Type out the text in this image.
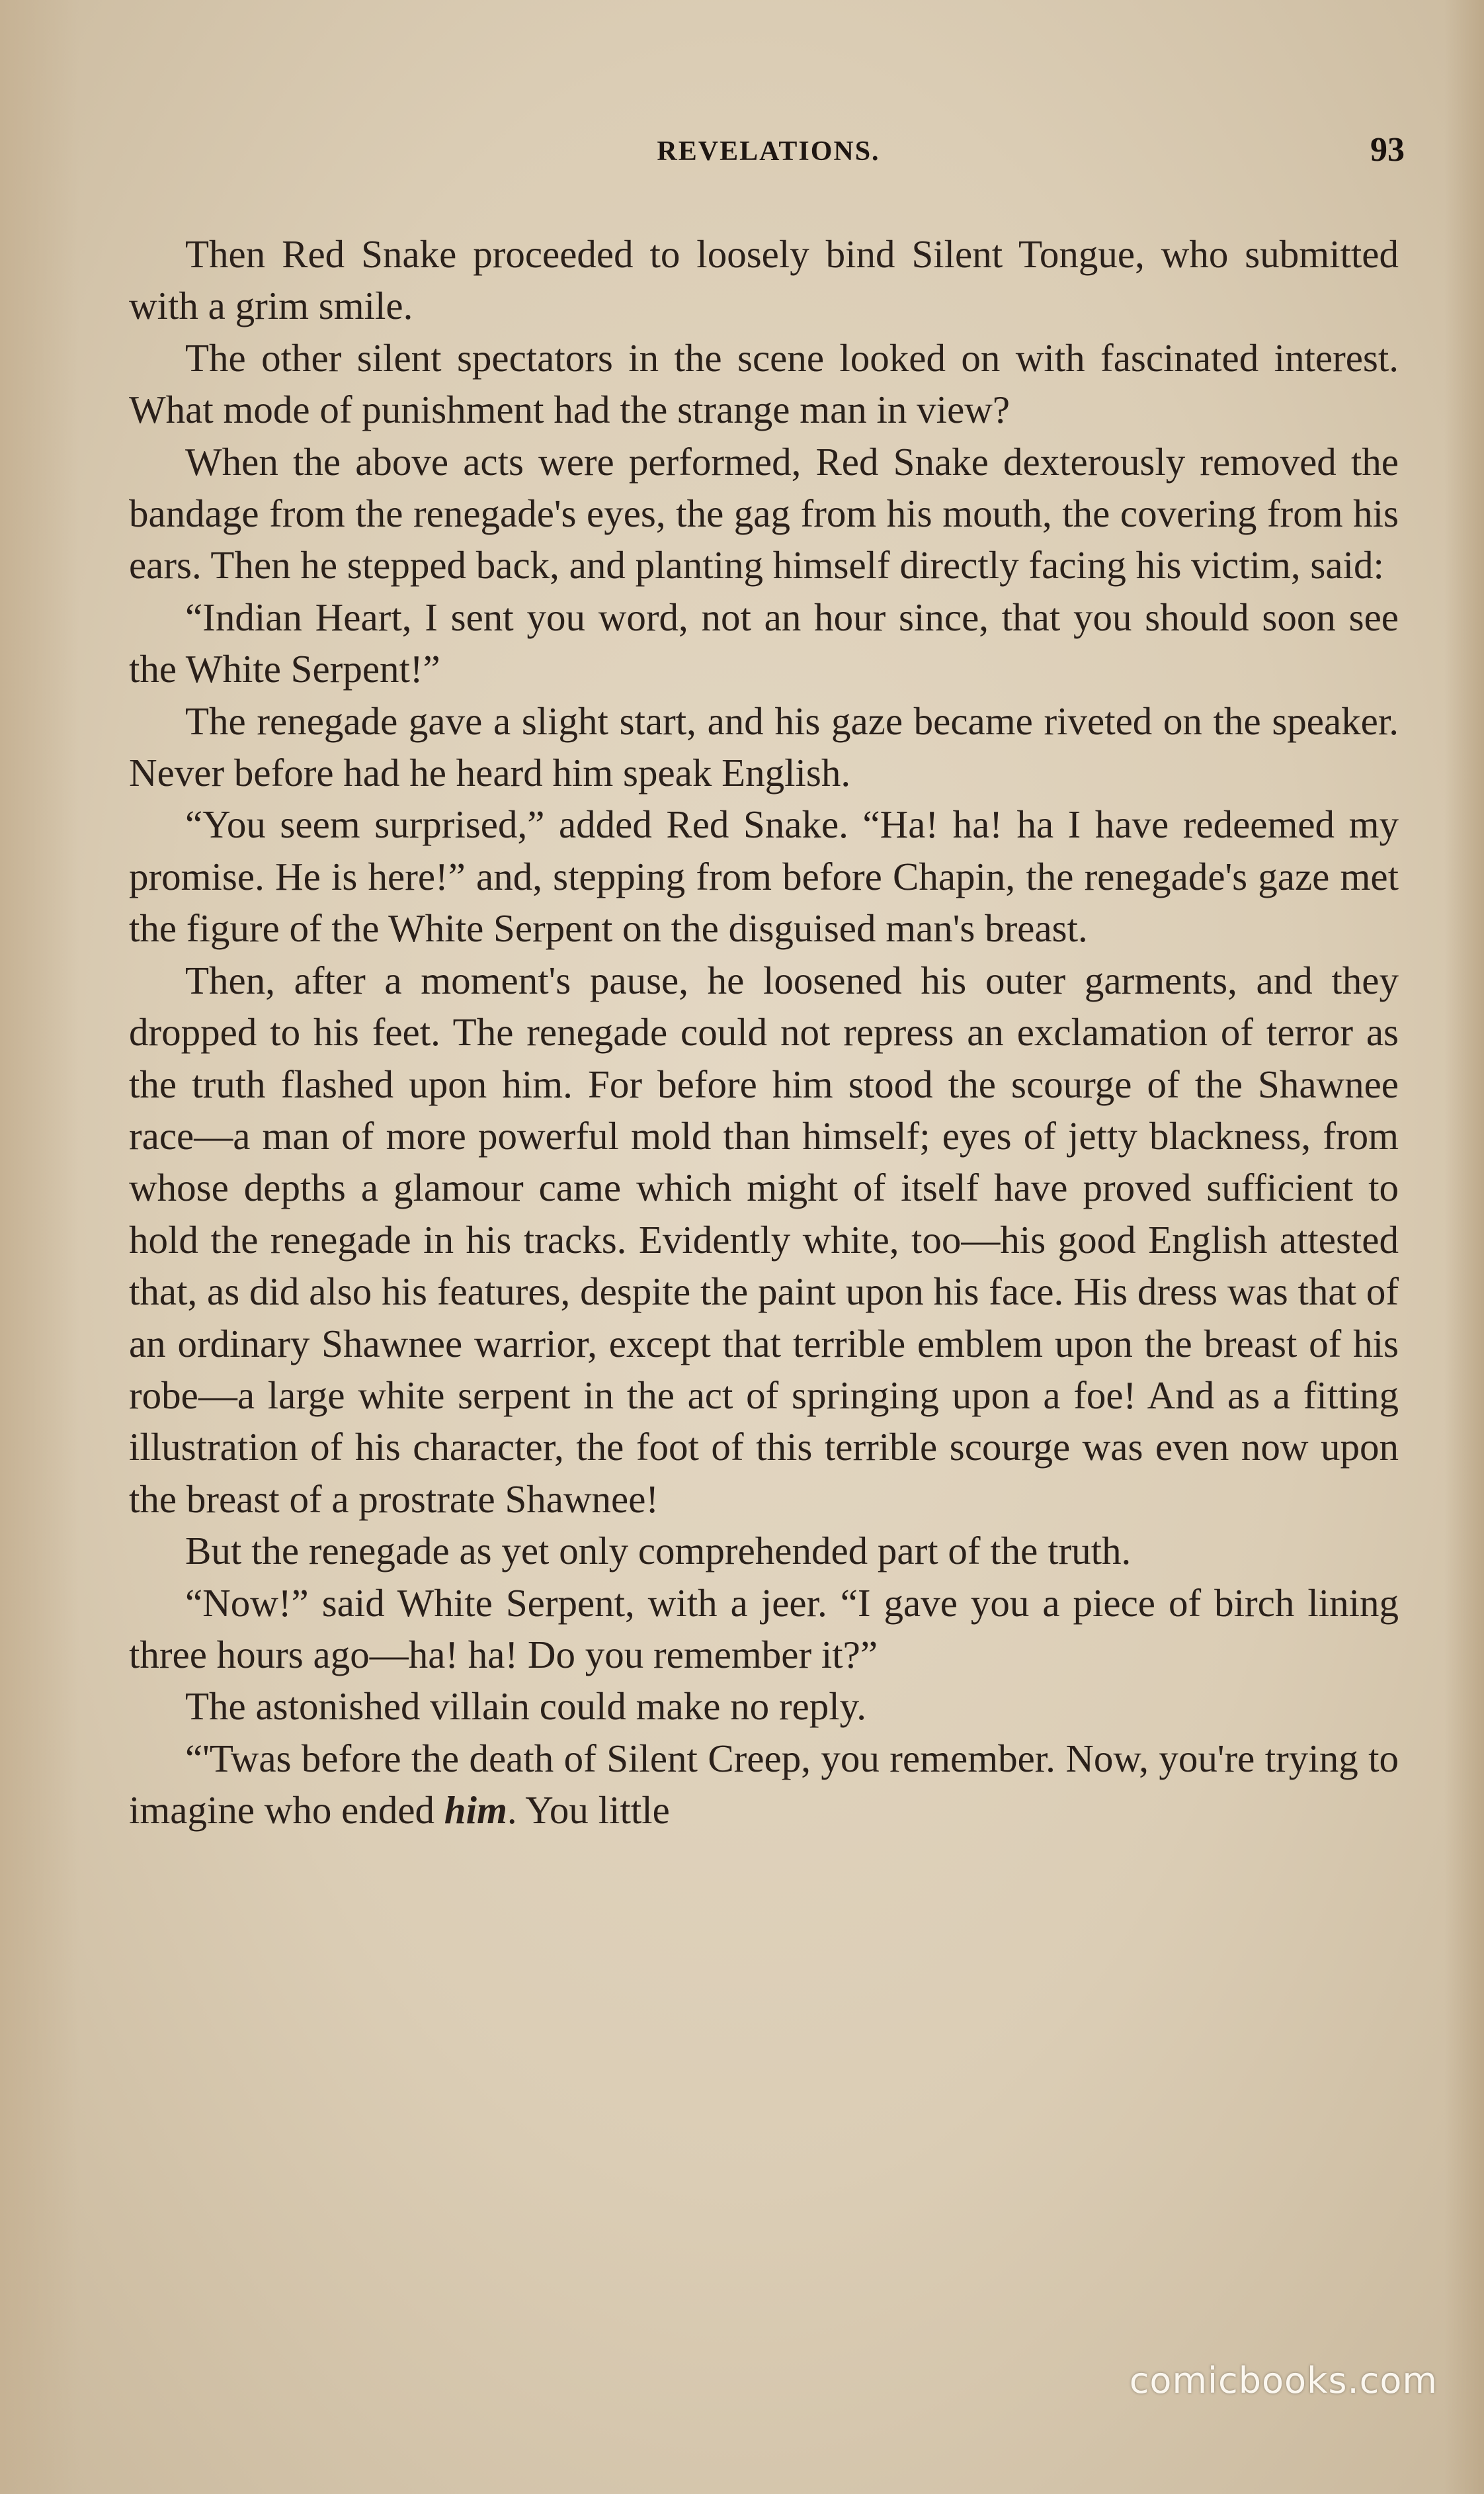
REVELATIONS.	93

Then Red Snake proceeded to loosely bind Silent Tongue, who submitted with a grim smile.

The other silent spectators in the scene looked on with fascinated interest. What mode of punishment had the strange man in view?

When the above acts were performed, Red Snake dexterously removed the bandage from the renegade's eyes, the gag from his mouth, the covering from his ears. Then he stepped back, and planting himself directly facing his victim, said:

“Indian Heart, I sent you word, not an hour since, that you should soon see the White Serpent!”

The renegade gave a slight start, and his gaze became riveted on the speaker. Never before had he heard him speak English.

“You seem surprised,” added Red Snake. “Ha! ha! ha I have redeemed my promise. He is here!” and, stepping from before Chapin, the renegade's gaze met the figure of the White Serpent on the disguised man's breast.

Then, after a moment's pause, he loosened his outer garments, and they dropped to his feet. The renegade could not repress an exclamation of terror as the truth flashed upon him. For before him stood the scourge of the Shawnee race—a man of more powerful mold than himself; eyes of jetty blackness, from whose depths a glamour came which might of itself have proved sufficient to hold the renegade in his tracks. Evidently white, too—his good English attested that, as did also his features, despite the paint upon his face. His dress was that of an ordinary Shawnee warrior, except that terrible emblem upon the breast of his robe—a large white serpent in the act of springing upon a foe! And as a fitting illustration of his character, the foot of this terrible scourge was even now upon the breast of a prostrate Shawnee!

But the renegade as yet only comprehended part of the truth.

“Now!” said White Serpent, with a jeer. “I gave you a piece of birch lining three hours ago—ha! ha! Do you remember it?”

The astonished villain could make no reply.

“'Twas before the death of Silent Creep, you remember. Now, you're trying to imagine who ended him. You little

comicbooks.com
